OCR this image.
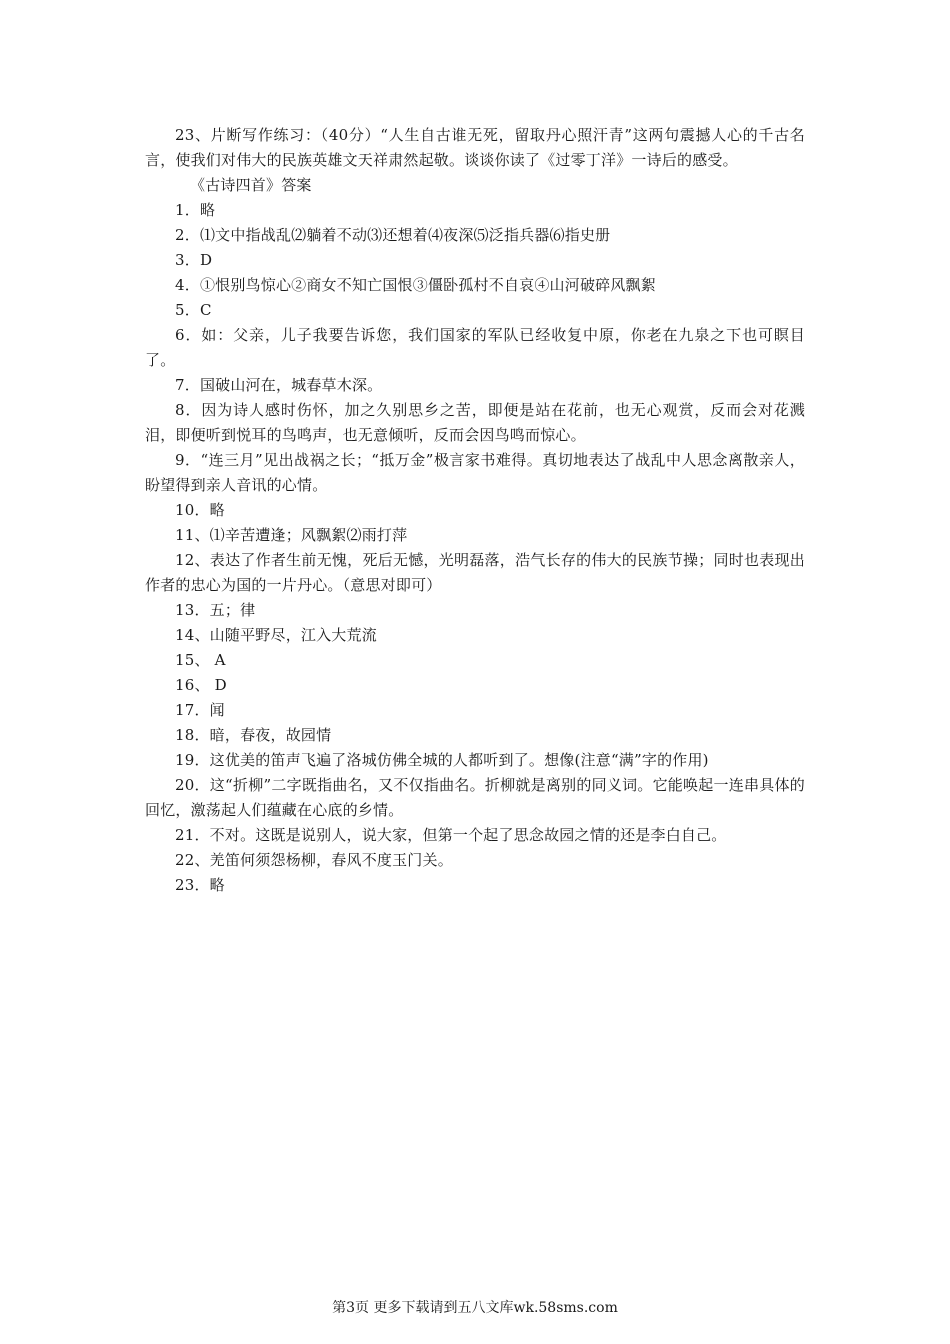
23、片断写作练习：（40分）“人生自古谁无死，留取丹心照汗青”这两句震撼人心的千古名言，使我们对伟大的民族英雄文天祥肃然起敬。谈谈你读了《过零丁洋》一诗后的感受。

《古诗四首》答案

1．略

2．⑴文中指战乱⑵躺着不动⑶还想着⑷夜深⑸泛指兵器⑹指史册

3．D

4．①恨别鸟惊心②商女不知亡国恨③僵卧孤村不自哀④山河破碎风飘絮

5．C

6．如：父亲，儿子我要告诉您，我们国家的军队已经收复中原，你老在九泉之下也可瞑目了。

7．国破山河在，城春草木深。

8．因为诗人感时伤怀，加之久别思乡之苦，即便是站在花前，也无心观赏，反而会对花溅泪，即便听到悦耳的鸟鸣声，也无意倾听，反而会因鸟鸣而惊心。

9．“连三月”见出战祸之长；“抵万金”极言家书难得。真切地表达了战乱中人思念离散亲人，盼望得到亲人音讯的心情。

10．略

11、⑴辛苦遭逢；风飘絮⑵雨打萍

12、表达了作者生前无愧，死后无憾，光明磊落，浩气长存的伟大的民族节操；同时也表现出作者的忠心为国的一片丹心。（意思对即可）

13．五；律

14、山随平野尽，江入大荒流

15、 A

16、 D

17．闻

18．暗，春夜，故园情

19．这优美的笛声飞遍了洛城仿佛全城的人都听到了。想像(注意“满”字的作用)

20．这“折柳”二字既指曲名，又不仅指曲名。折柳就是离别的同义词。它能唤起一连串具体的回忆，激荡起人们蕴藏在心底的乡情。

21．不对。这既是说别人，说大家，但第一个起了思念故园之情的还是李白自己。

22、羌笛何须怨杨柳，春风不度玉门关。

23．略

第3页 更多下载请到五八文库wk.58sms.com
